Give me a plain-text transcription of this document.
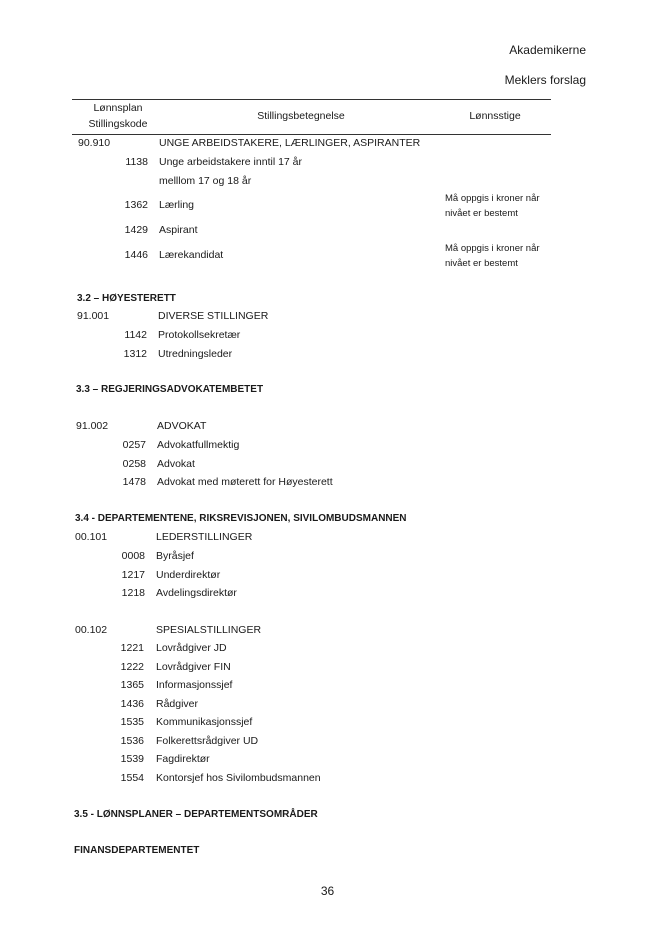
Akademikerne
Meklers forslag
Lønnsplan
Stillingskode
Stillingsbetegnelse	Lønnsstige
90.910	UNGE ARBEIDSTAKERE, LÆRLINGER, ASPIRANTER
1138 Unge arbeidstakere inntil 17 år
melllom 17 og 18 år
1362 Lærling
Må oppgis i kroner når nivået er bestemt
1429 Aspirant
1446 Lærekandidat
Må oppgis i kroner når nivået er bestemt
3.2 – HØYESTERETT
91.001	DIVERSE STILLINGER
1142 Protokollsekretær
1312 Utredningsleder
3.3 – REGJERINGSADVOKATEMBETET
91.002	ADVOKAT
0257 Advokatfullmektig
0258 Advokat
1478 Advokat med møterett for Høyesterett
3.4 - DEPARTEMENTENE, RIKSREVISJONEN, SIVILOMBUDSMANNEN
00.101	LEDERSTILLINGER
0008 Byråsjef
1217 Underdirektør
1218 Avdelingsdirektør
00.102	SPESIALSTILLINGER
1221 Lovrådgiver JD
1222 Lovrådgiver FIN
1365 Informasjonssjef
1436 Rådgiver
1535 Kommunikasjonssjef
1536 Folkerettsrådgiver UD
1539 Fagdirektør
1554 Kontorsjef hos Sivilombudsmannen
3.5 - LØNNSPLANER – DEPARTEMENTSOMRÅDER
FINANSDEPARTEMENTET
36
